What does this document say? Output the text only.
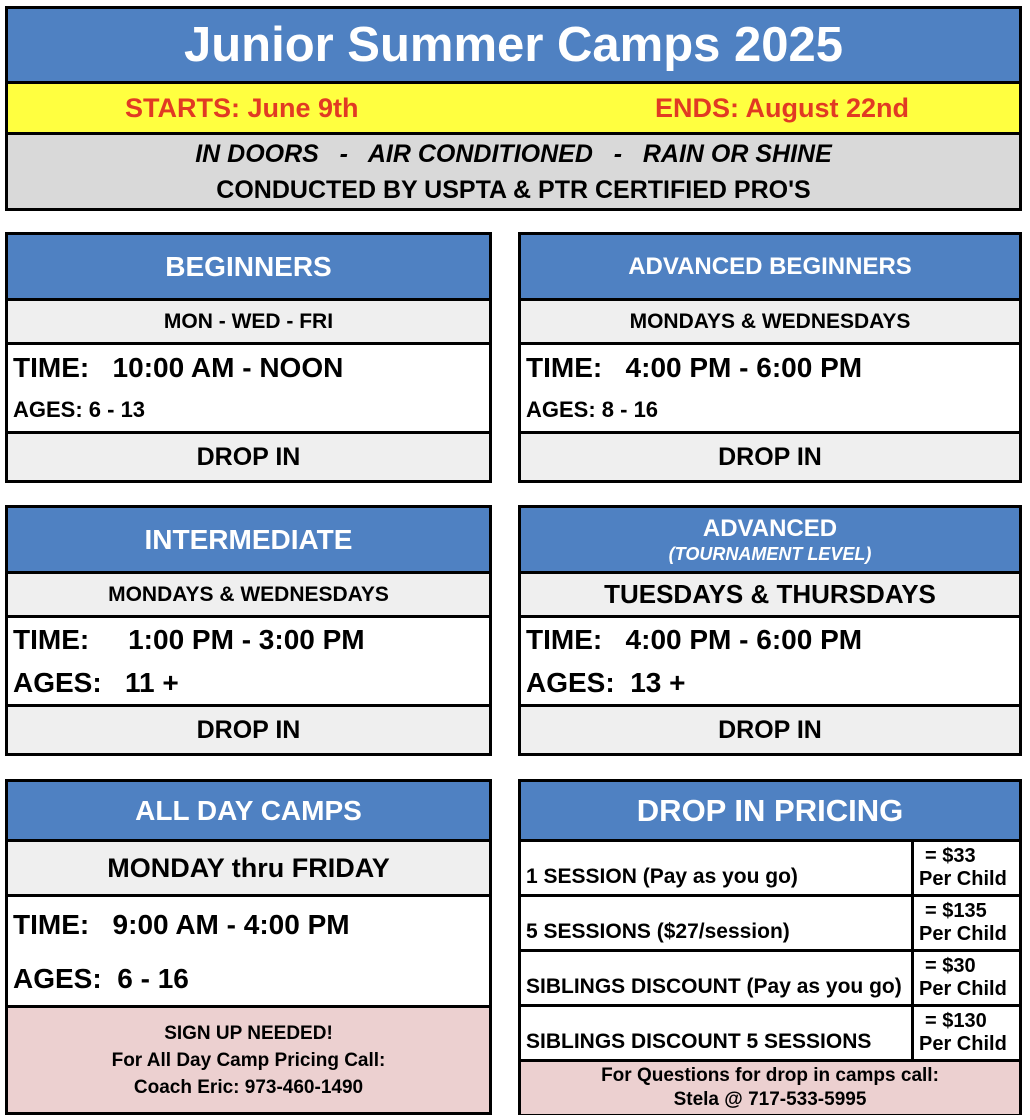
Junior Summer Camps 2025
STARTS: June 9th	ENDS: August 22nd
IN DOORS   -   AIR CONDITIONED   -   RAIN OR SHINE
CONDUCTED BY USPTA & PTR CERTIFIED PRO'S
BEGINNERS
MON - WED - FRI
TIME:   10:00 AM - NOON
AGES: 6 - 13
DROP IN
ADVANCED BEGINNERS
MONDAYS & WEDNESDAYS
TIME:   4:00 PM - 6:00 PM
AGES: 8 - 16
DROP IN
INTERMEDIATE
MONDAYS & WEDNESDAYS
TIME:     1:00 PM - 3:00 PM
AGES:   11 +
DROP IN
ADVANCED
(TOURNAMENT LEVEL)
TUESDAYS & THURSDAYS
TIME:   4:00 PM - 6:00 PM
AGES:  13 +
DROP IN
ALL DAY CAMPS
MONDAY thru FRIDAY
TIME:   9:00 AM - 4:00 PM
AGES:  6 - 16
SIGN UP NEEDED!
For All Day Camp Pricing Call:
Coach Eric: 973-460-1490
DROP IN PRICING
1 SESSION (Pay as you go)
= $33
Per Child
5 SESSIONS ($27/session)
= $135
Per Child
SIBLINGS DISCOUNT (Pay as you go)
= $30
Per Child
SIBLINGS DISCOUNT 5 SESSIONS
= $130
Per Child
For Questions for drop in camps call:
Stela @ 717-533-5995
